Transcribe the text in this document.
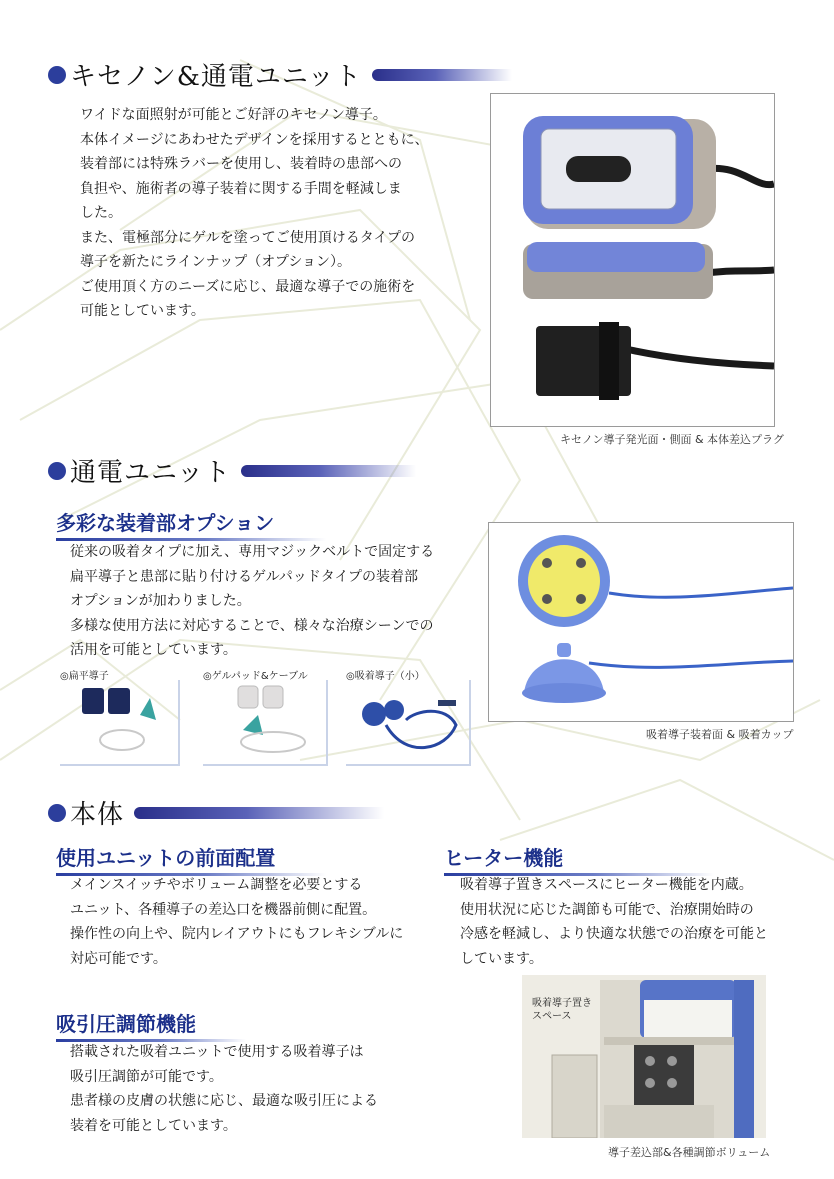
キセノン&通電ユニット

ワイドな面照射が可能とご好評のキセノン導子。

本体イメージにあわせたデザインを採用するとともに、

装着部には特殊ラバーを使用し、装着時の患部への

負担や、施術者の導子装着に関する手間を軽減しま

した。

また、電極部分にゲルを塗ってご使用頂けるタイプの

導子を新たにラインナップ（オプション）。

ご使用頂く方のニーズに応じ、最適な導子での施術を

可能としています。

キセノン導子発光面・側面 & 本体差込プラグ
通電ユニット
多彩な装着部オプション

従来の吸着タイプに加え、専用マジックベルトで固定する

扁平導子と患部に貼り付けるゲルパッドタイプの装着部

オプションが加わりました。

多様な使用方法に対応することで、様々な治療シーンでの

活用を可能としています。

◎扁平導子	◎ゲルパッド&ケーブル	◎吸着導子（小）
吸着導子装着面 & 吸着カップ
本体
使用ユニットの前面配置

メインスイッチやボリューム調整を必要とする

ユニット、各種導子の差込口を機器前側に配置。

操作性の向上や、院内レイアウトにもフレキシブルに

対応可能です。

ヒーター機能

吸着導子置きスペースにヒーター機能を内蔵。

使用状況に応じた調節も可能で、治療開始時の

冷感を軽減し、より快適な状態での治療を可能と

しています。

吸引圧調節機能

搭載された吸着ユニットで使用する吸着導子は

吸引圧調節が可能です。

患者様の皮膚の状態に応じ、最適な吸引圧による

装着を可能としています。

吸着導子置き スペース
導子差込部&各種調節ボリューム
